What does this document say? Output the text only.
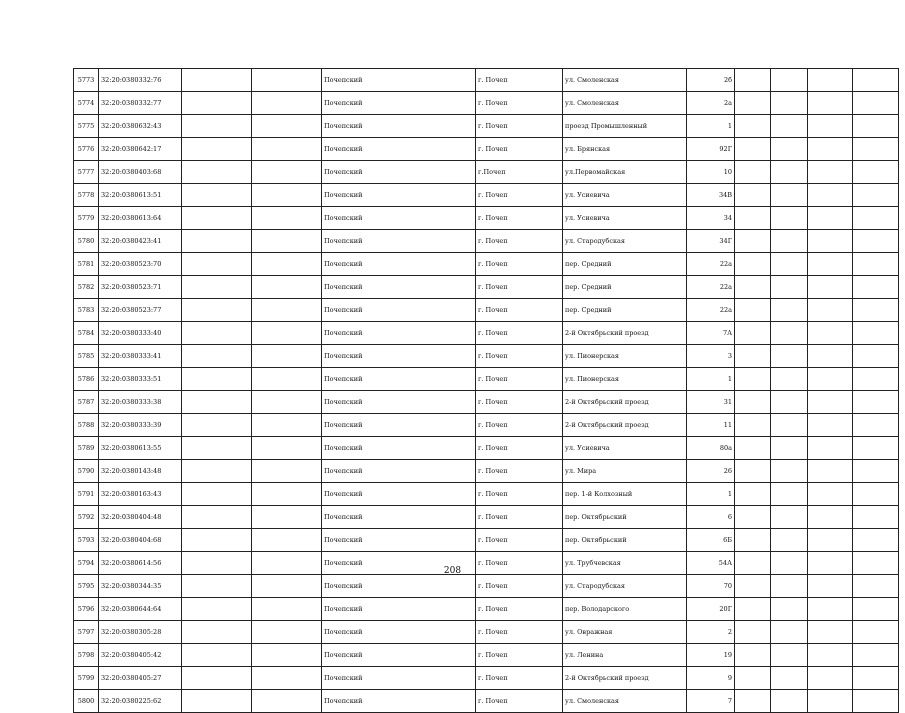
5773	32:20:0380332:76			Почепский	г. Почеп	ул. Смоленская	2б				
5774	32:20:0380332:77			Почепский	г. Почеп	ул. Смоленская	2а				
5775	32:20:0380632:43			Почепский	г. Почеп	проезд Промышленный	1				
5776	32:20:0380642:17			Почепский	г. Почеп	ул. Брянская	92Г				
5777	32:20:0380403:68			Почепский	г.Почеп	ул.Первомайская	10				
5778	32:20:0380613:51			Почепский	г. Почеп	ул. Усиевича	34В				
5779	32:20:0380613:64			Почепский	г. Почеп	ул. Усиевича	34				
5780	32:20:0380423:41			Почепский	г. Почеп	ул. Стародубская	34Г				
5781	32:20:0380523:70			Почепский	г. Почеп	пер. Средний	22а				
5782	32:20:0380523:71			Почепский	г. Почеп	пер. Средний	22а				
5783	32:20:0380523:77			Почепский	г. Почеп	пер. Средний	22а				
5784	32:20:0380333:40			Почепский	г. Почеп	2-й Октябрьский проезд	7А				
5785	32:20:0380333:41			Почепский	г. Почеп	ул. Пионерская	3				
5786	32:20:0380333:51			Почепский	г. Почеп	ул. Пионерская	1				
5787	32:20:0380333:38			Почепский	г. Почеп	2-й Октябрьский проезд	31				
5788	32:20:0380333:39			Почепский	г. Почеп	2-й Октябрьский проезд	11				
5789	32:20:0380613:55			Почепский	г. Почеп	ул. Усиевича	80а				
5790	32:20:0380143:48			Почепский	г. Почеп	ул. Мира	26				
5791	32:20:0380163:43			Почепский	г. Почеп	пер. 1-й Колхозный	1				
5792	32:20:0380404:48			Почепский	г. Почеп	пер. Октябрьский	6				
5793	32:20:0380404:68			Почепский	г. Почеп	пер. Октябрьский	6Б				
5794	32:20:0380614:56			Почепский	г. Почеп	ул. Трубчевская	54А				
5795	32:20:0380344:35			Почепский	г. Почеп	ул. Стародубская	70				
5796	32:20:0380644:64			Почепский	г. Почеп	пер. Володарского	20Г				
5797	32:20:0380305:28			Почепский	г. Почеп	ул. Овражная	2				
5798	32:20:0380405:42			Почепский	г. Почеп	ул. Ленина	19				
5799	32:20:0380405:27			Почепский	г. Почеп	2-й Октябрьский проезд	9				
5800	32:20:0380225:62			Почепский	г. Почеп	ул. Смоленская	7				
208
